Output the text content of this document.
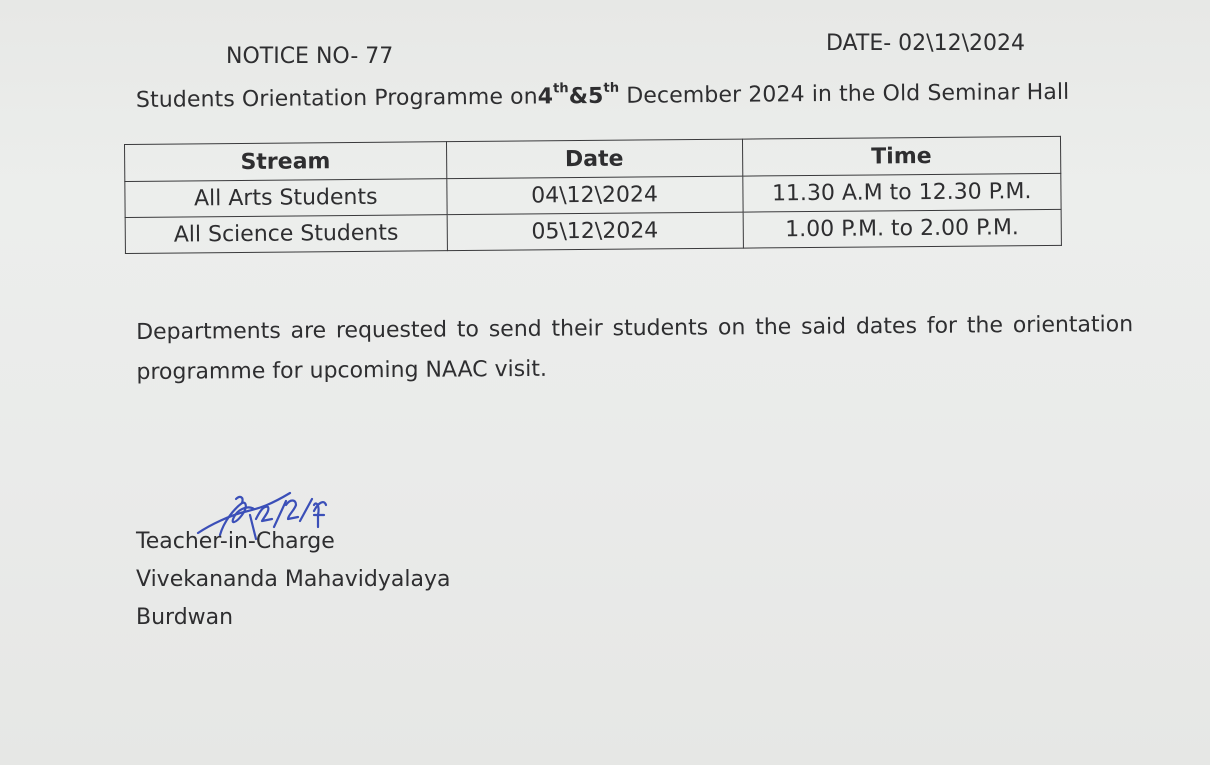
NOTICE NO- 77
DATE- 02\12\2024
Students Orientation Programme on4th&5th December 2024 in the Old Seminar Hall
Stream	Date	Time
All Arts Students	04\12\2024	11.30 A.M to 12.30 P.M.
All Science Students	05\12\2024	1.00 P.M. to 2.00 P.M.
Departments are requested to send their students on the said dates for the orientation programme for upcoming NAAC visit.
Teacher-in-Charge
Vivekananda Mahavidyalaya
Burdwan
